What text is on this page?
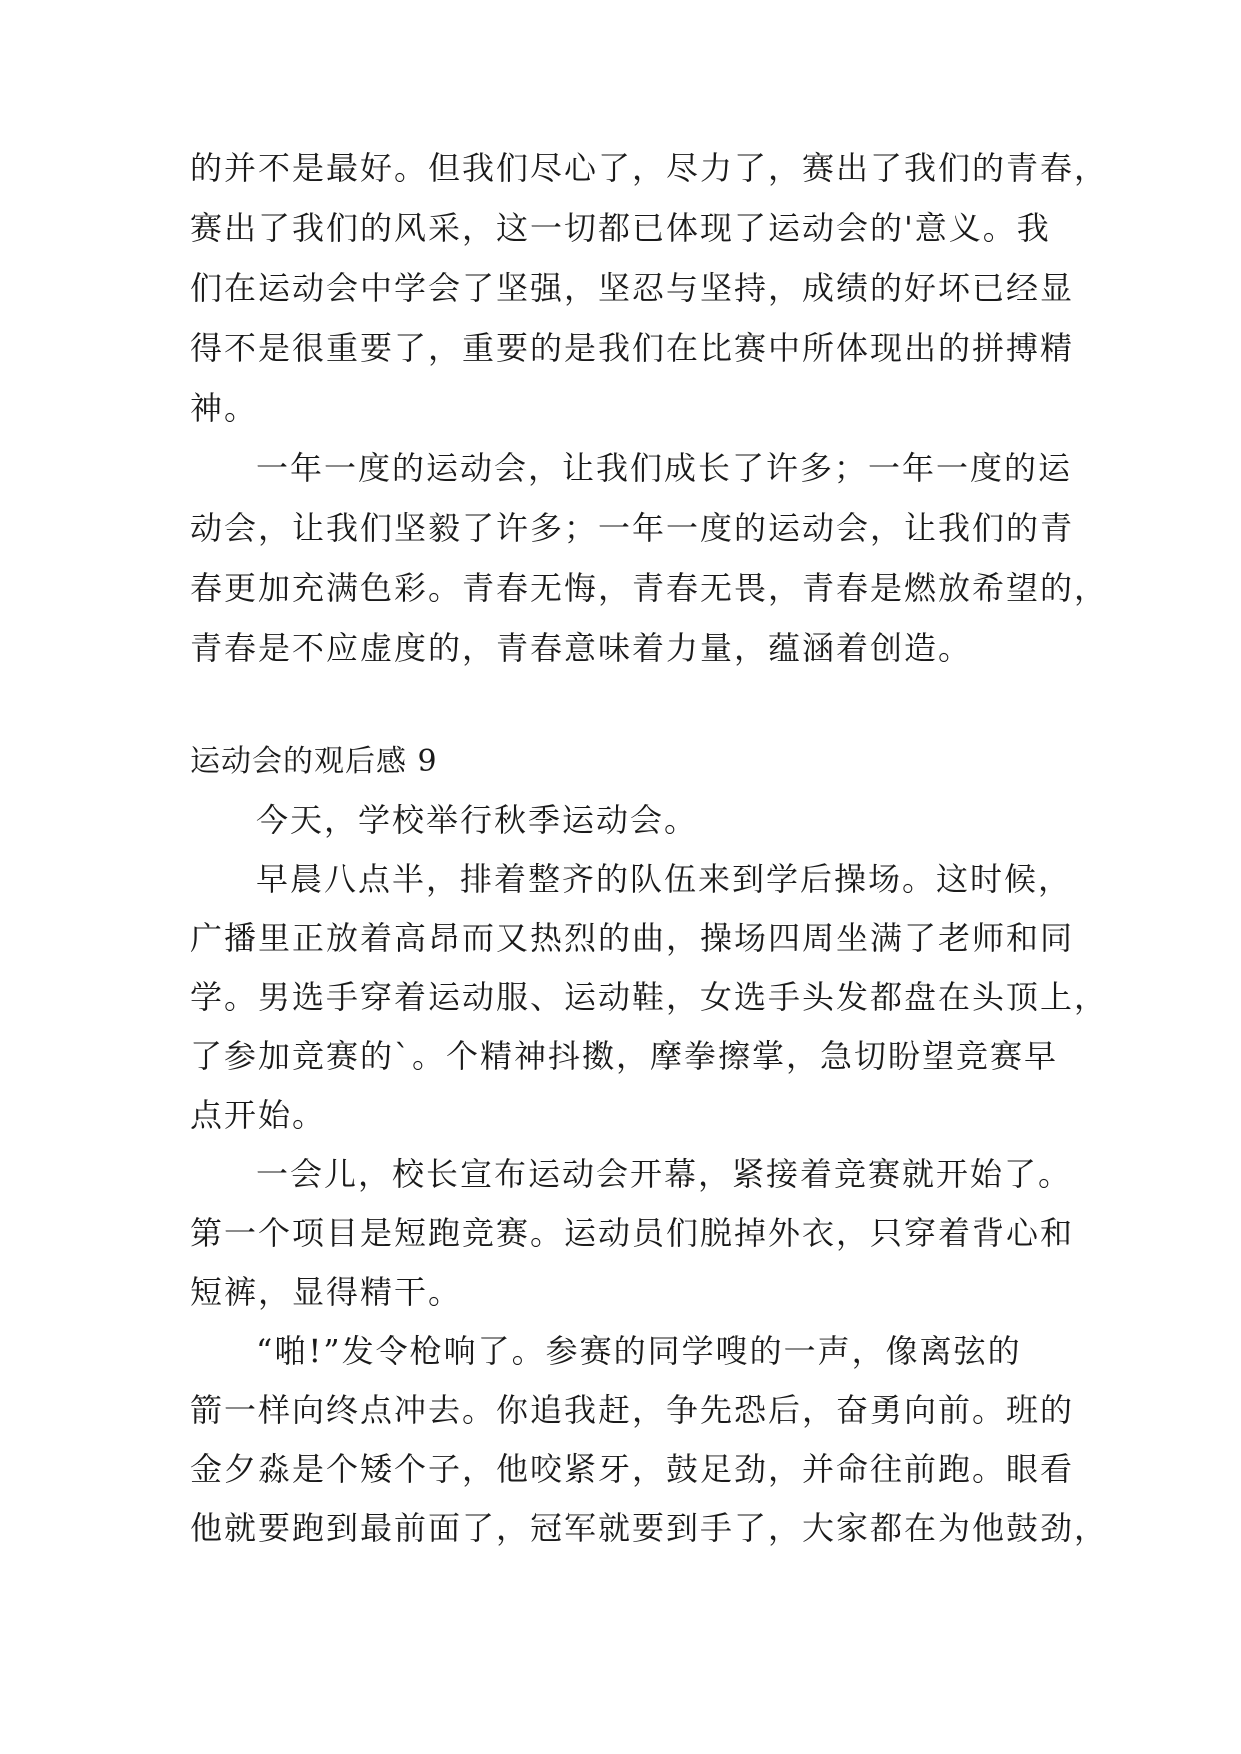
的并不是最好。但我们尽心了，尽力了，赛出了我们的青春，
赛出了我们的风采，这一切都已体现了运动会的'意义。我
们在运动会中学会了坚强，坚忍与坚持，成绩的好坏已经显
得不是很重要了，重要的是我们在比赛中所体现出的拼搏精
神。
一年一度的运动会，让我们成长了许多；一年一度的运
动会，让我们坚毅了许多；一年一度的运动会，让我们的青
春更加充满色彩。青春无悔，青春无畏，青春是燃放希望的，
青春是不应虚度的，青春意味着力量，蕴涵着创造。
运动会的观后感 9
今天，学校举行秋季运动会。
早晨八点半，排着整齐的队伍来到学后操场。这时候，
广播里正放着高昂而又热烈的曲，操场四周坐满了老师和同
学。男选手穿着运动服、运动鞋，女选手头发都盘在头顶上，
了参加竞赛的`。个精神抖擞，摩拳擦掌，急切盼望竞赛早
点开始。
一会儿，校长宣布运动会开幕，紧接着竞赛就开始了。
第一个项目是短跑竞赛。运动员们脱掉外衣，只穿着背心和
短裤，显得精干。
“啪!”发令枪响了。参赛的同学嗖的一声，像离弦的
箭一样向终点冲去。你追我赶，争先恐后，奋勇向前。班的
金夕淼是个矮个子，他咬紧牙，鼓足劲，并命往前跑。眼看
他就要跑到最前面了，冠军就要到手了，大家都在为他鼓劲，
